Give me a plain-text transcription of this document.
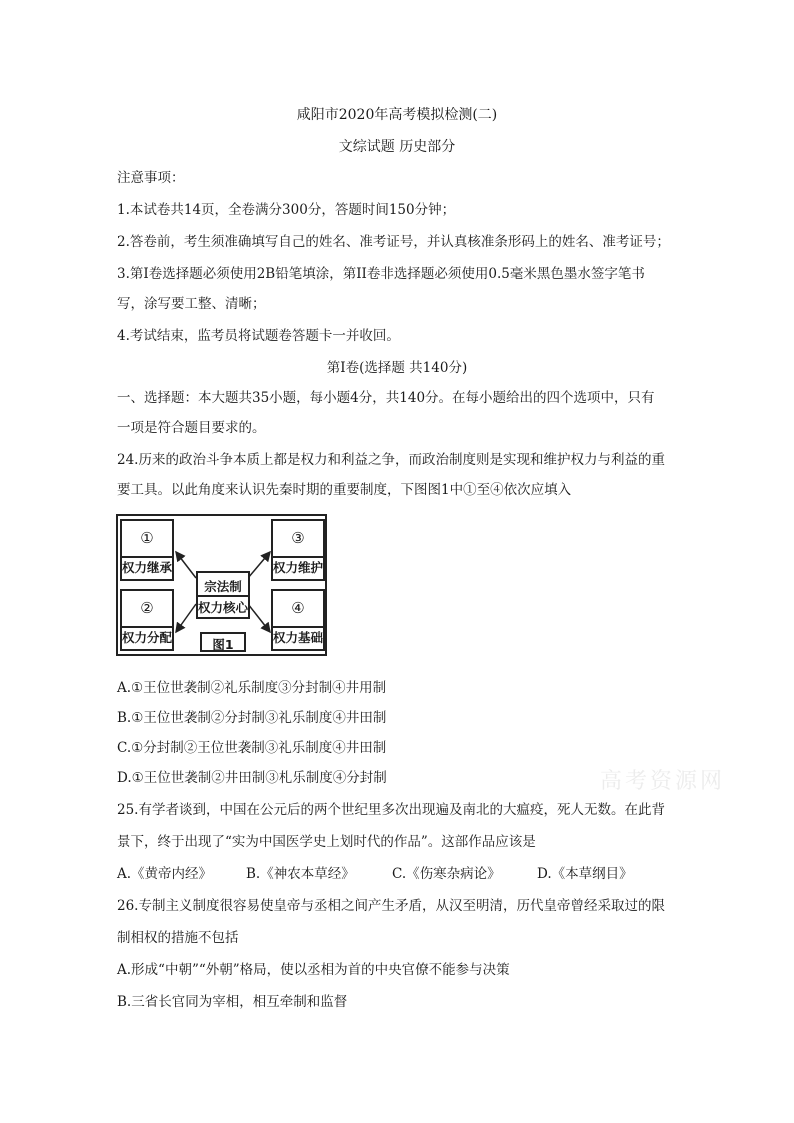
咸阳市2020年高考模拟检测(二)
文综试题 历史部分
注意事项：
1.本试卷共14页，全卷满分300分，答题时间150分钟；
2.答卷前，考生须准确填写自己的姓名、准考证号，并认真核准条形码上的姓名、准考证号；
3.第I卷选择题必须使用2B铅笔填涂，第II卷非选择题必须使用0.5毫米黑色墨水签字笔书
写，涂写要工整、清晰；
4.考试结束，监考员将试题卷答题卡一并收回。
第I卷(选择题 共140分)
一、选择题：本大题共35小题，每小题4分，共140分。在每小题给出的四个选项中，只有
一项是符合题目要求的。
24.历来的政治斗争本质上都是权力和利益之争，而政治制度则是实现和维护权力与利益的重
要工具。以此角度来认识先秦时期的重要制度，下图图1中①至④依次应填入
①
权力继承
②
权力分配
③
权力维护
④
权力基础
宗法制
权力核心
图1
A.①王位世袭制②礼乐制度③分封制④井用制
B.①王位世袭制②分封制③礼乐制度④井田制
C.①分封制②王位世袭制③礼乐制度④井田制
D.①王位世袭制②井田制③札乐制度④分封制	高考资源网
25.有学者谈到，中国在公元后的两个世纪里多次出现遍及南北的大瘟疫，死人无数。在此背
景下，终于出现了“实为中国医学史上划时代的作品”。这部作品应该是
A.《黄帝内经》	B.《神农本草经》	C.《伤寒杂病论》	D.《本草纲目》
26.专制主义制度很容易使皇帝与丞相之间产生矛盾，从汉至明清，历代皇帝曾经采取过的限
制相权的措施不包括
A.形成“中朝”“外朝”格局，使以丞相为首的中央官僚不能参与决策
B.三省长官同为宰相，相互牵制和监督
